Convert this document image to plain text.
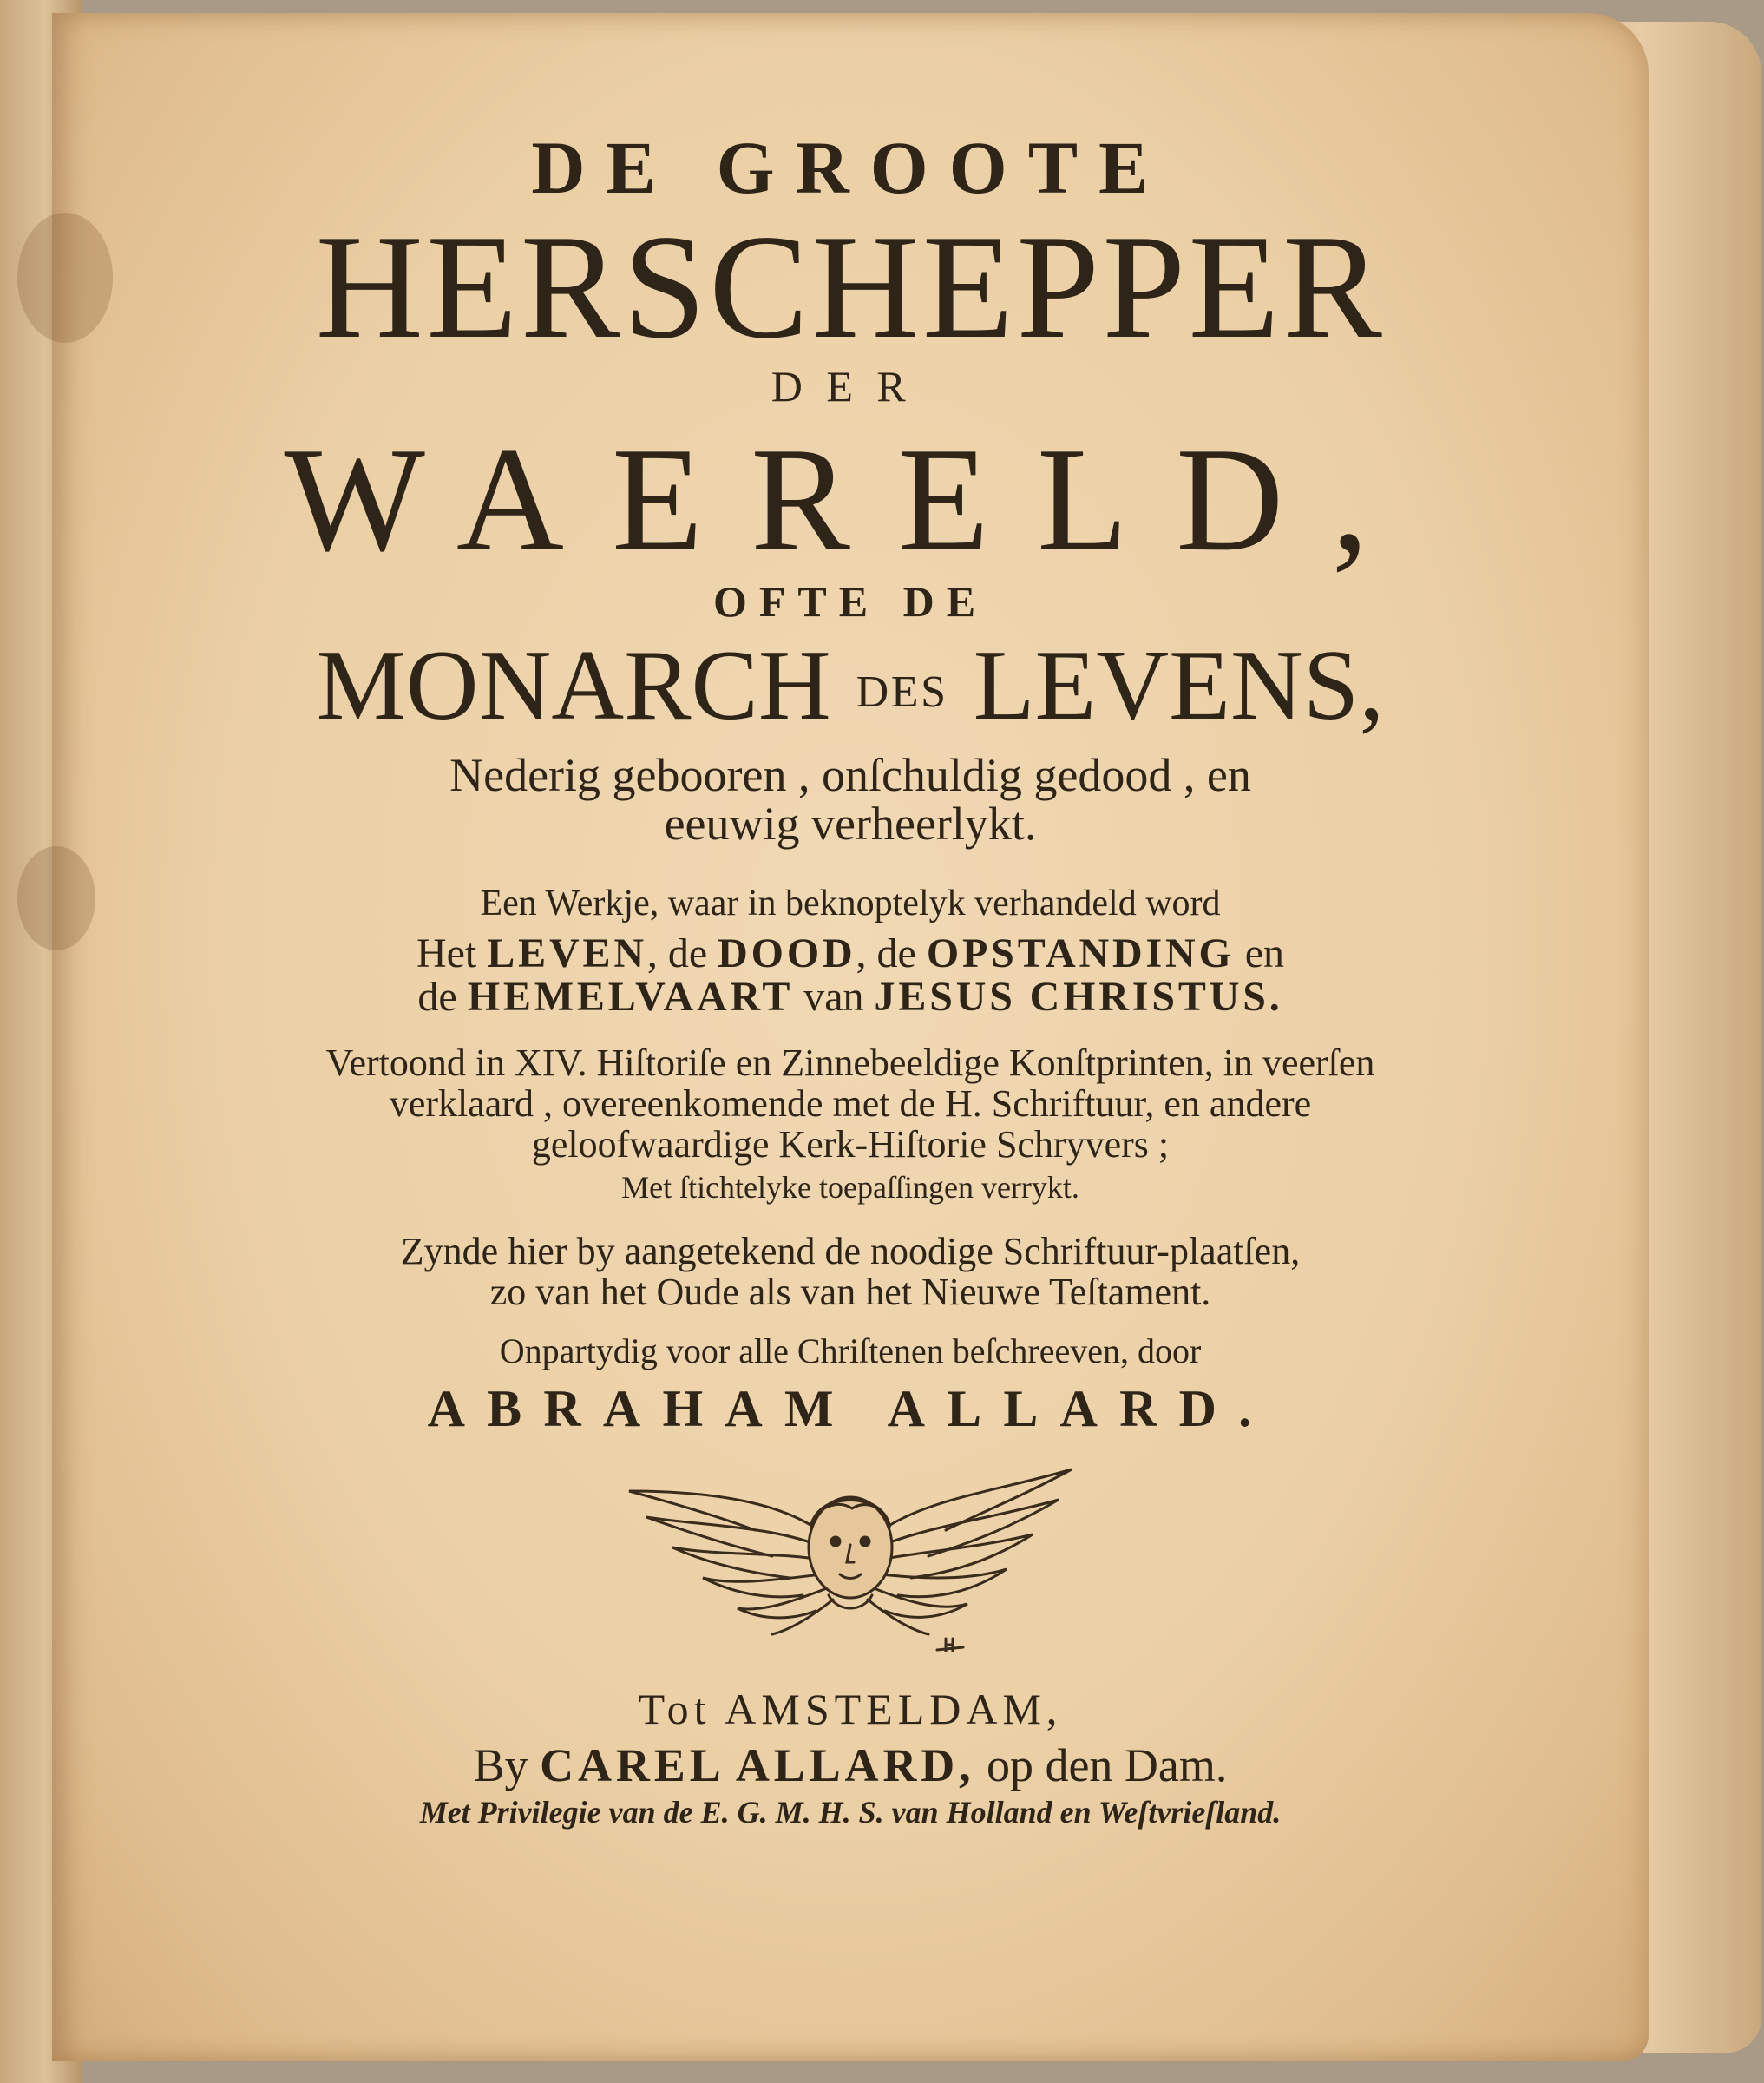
DE GROOTE
HERSCHEPPER
DER
WAERELD,
OFTE DE
MONARCH DES LEVENS,
Nederig gebooren , onſchuldig gedood , en
eeuwig verheerlykt.
Een Werkje, waar in beknoptelyk verhandeld word
Het LEVEN, de DOOD, de OPSTANDING en
de HEMELVAART van JESUS CHRISTUS.
Vertoond in XIV. Hiſtoriſe en Zinnebeeldige Konſtprinten, in veerſen
verklaard , overeenkomende met de H. Schriftuur, en andere
geloofwaardige Kerk-Hiſtorie Schryvers ;
Met ſtichtelyke toepaſſingen verrykt.
Zynde hier by aangetekend de noodige Schriftuur-plaatſen,
zo van het Oude als van het Nieuwe Teſtament.
Onpartydig voor alle Chriſtenen beſchreeven, door
ABRAHAM ALLARD.
Tot AMSTELDAM,
By CAREL ALLARD, op den Dam.
Met Privilegie van de E. G. M. H. S. van Holland en Weſtvrieſland.
